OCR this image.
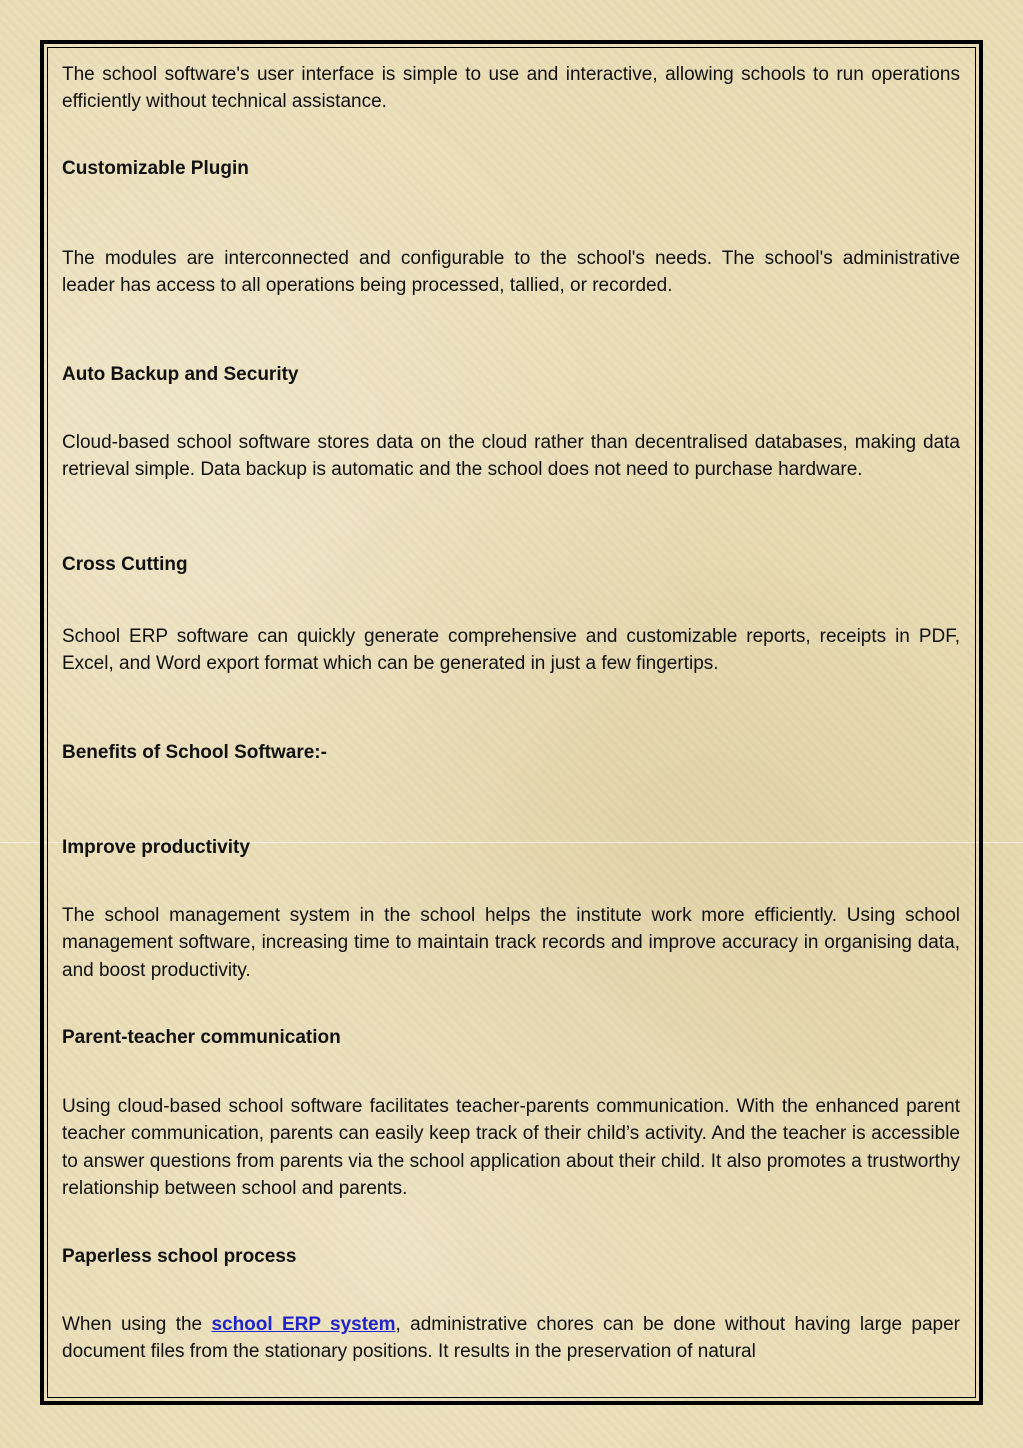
The school software's user interface is simple to use and interactive, allowing schools to run operations efficiently without technical assistance.

Customizable Plugin

The modules are interconnected and configurable to the school's needs. The school's administrative leader has access to all operations being processed, tallied, or recorded.

Auto Backup and Security

Cloud-based school software stores data on the cloud rather than decentralised databases, making data retrieval simple. Data backup is automatic and the school does not need to purchase hardware.

Cross Cutting

School ERP software can quickly generate comprehensive and customizable reports, receipts in PDF, Excel, and Word export format which can be generated in just a few fingertips.

Benefits of School Software:-
Improve productivity

The school management system in the school helps the institute work more efficiently. Using school management software, increasing time to maintain track records and improve accuracy in organising data, and boost productivity.

Parent-teacher communication

Using cloud-based school software facilitates teacher-parents communication. With the enhanced parent teacher communication, parents can easily keep track of their child’s activity. And the teacher is accessible to answer questions from parents via the school application about their child. It also promotes a trustworthy relationship between school and parents.

Paperless school process

When using the school ERP system, administrative chores can be done without having large paper document files from the stationary positions. It results in the preservation of natural
